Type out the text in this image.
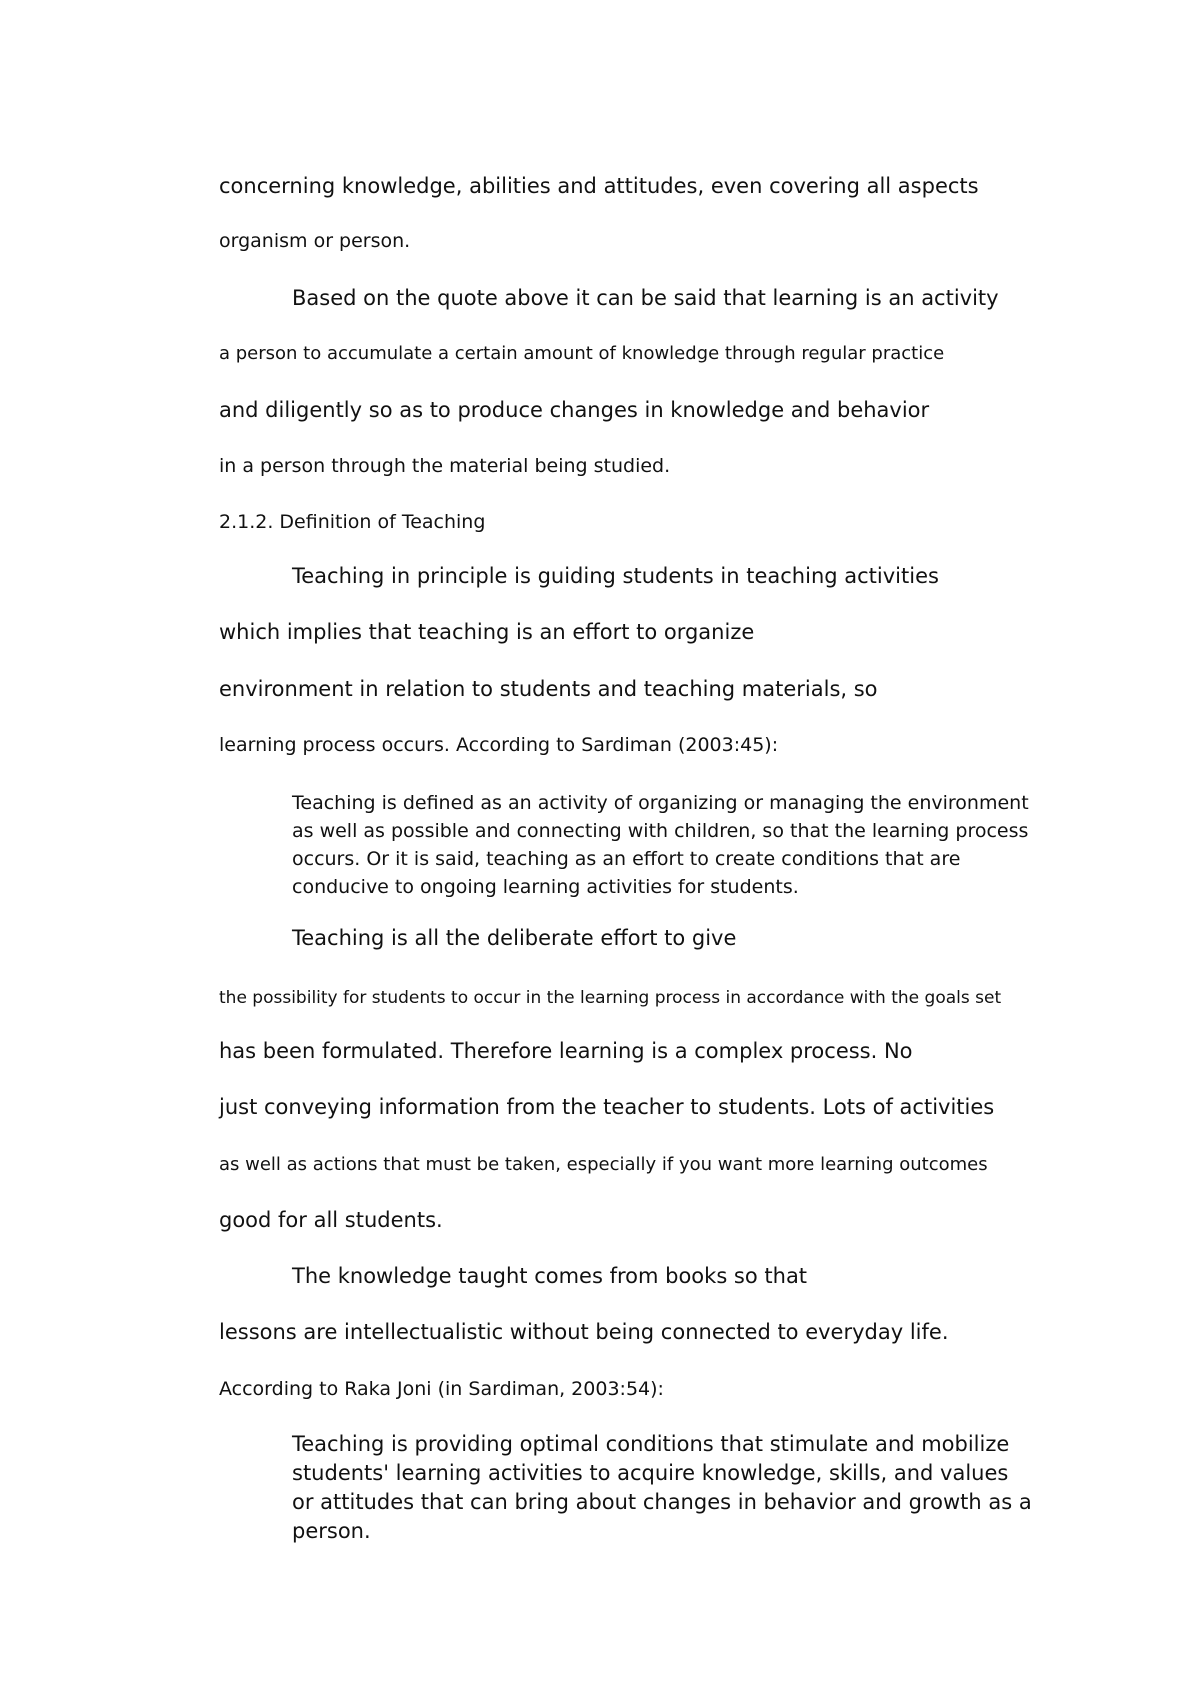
concerning knowledge, abilities and attitudes, even covering all aspects
organism or person.
Based on the quote above it can be said that learning is an activity
a person to accumulate a certain amount of knowledge through regular practice
and diligently so as to produce changes in knowledge and behavior
in a person through the material being studied.
2.1.2. Definition of Teaching
Teaching in principle is guiding students in teaching activities
which implies that teaching is an effort to organize
environment in relation to students and teaching materials, so
learning process occurs. According to Sardiman (2003:45):
Teaching is defined as an activity of organizing or managing the environment
as well as possible and connecting with children, so that the learning process
occurs. Or it is said, teaching as an effort to create conditions that are
conducive to ongoing learning activities for students.
Teaching is all the deliberate effort to give
the possibility for students to occur in the learning process in accordance with the goals set
has been formulated. Therefore learning is a complex process. No
just conveying information from the teacher to students. Lots of activities
as well as actions that must be taken, especially if you want more learning outcomes
good for all students.
The knowledge taught comes from books so that
lessons are intellectualistic without being connected to everyday life.
According to Raka Joni (in Sardiman, 2003:54):
Teaching is providing optimal conditions that stimulate and mobilize
students' learning activities to acquire knowledge, skills, and values
or attitudes that can bring about changes in behavior and growth as a
person.
